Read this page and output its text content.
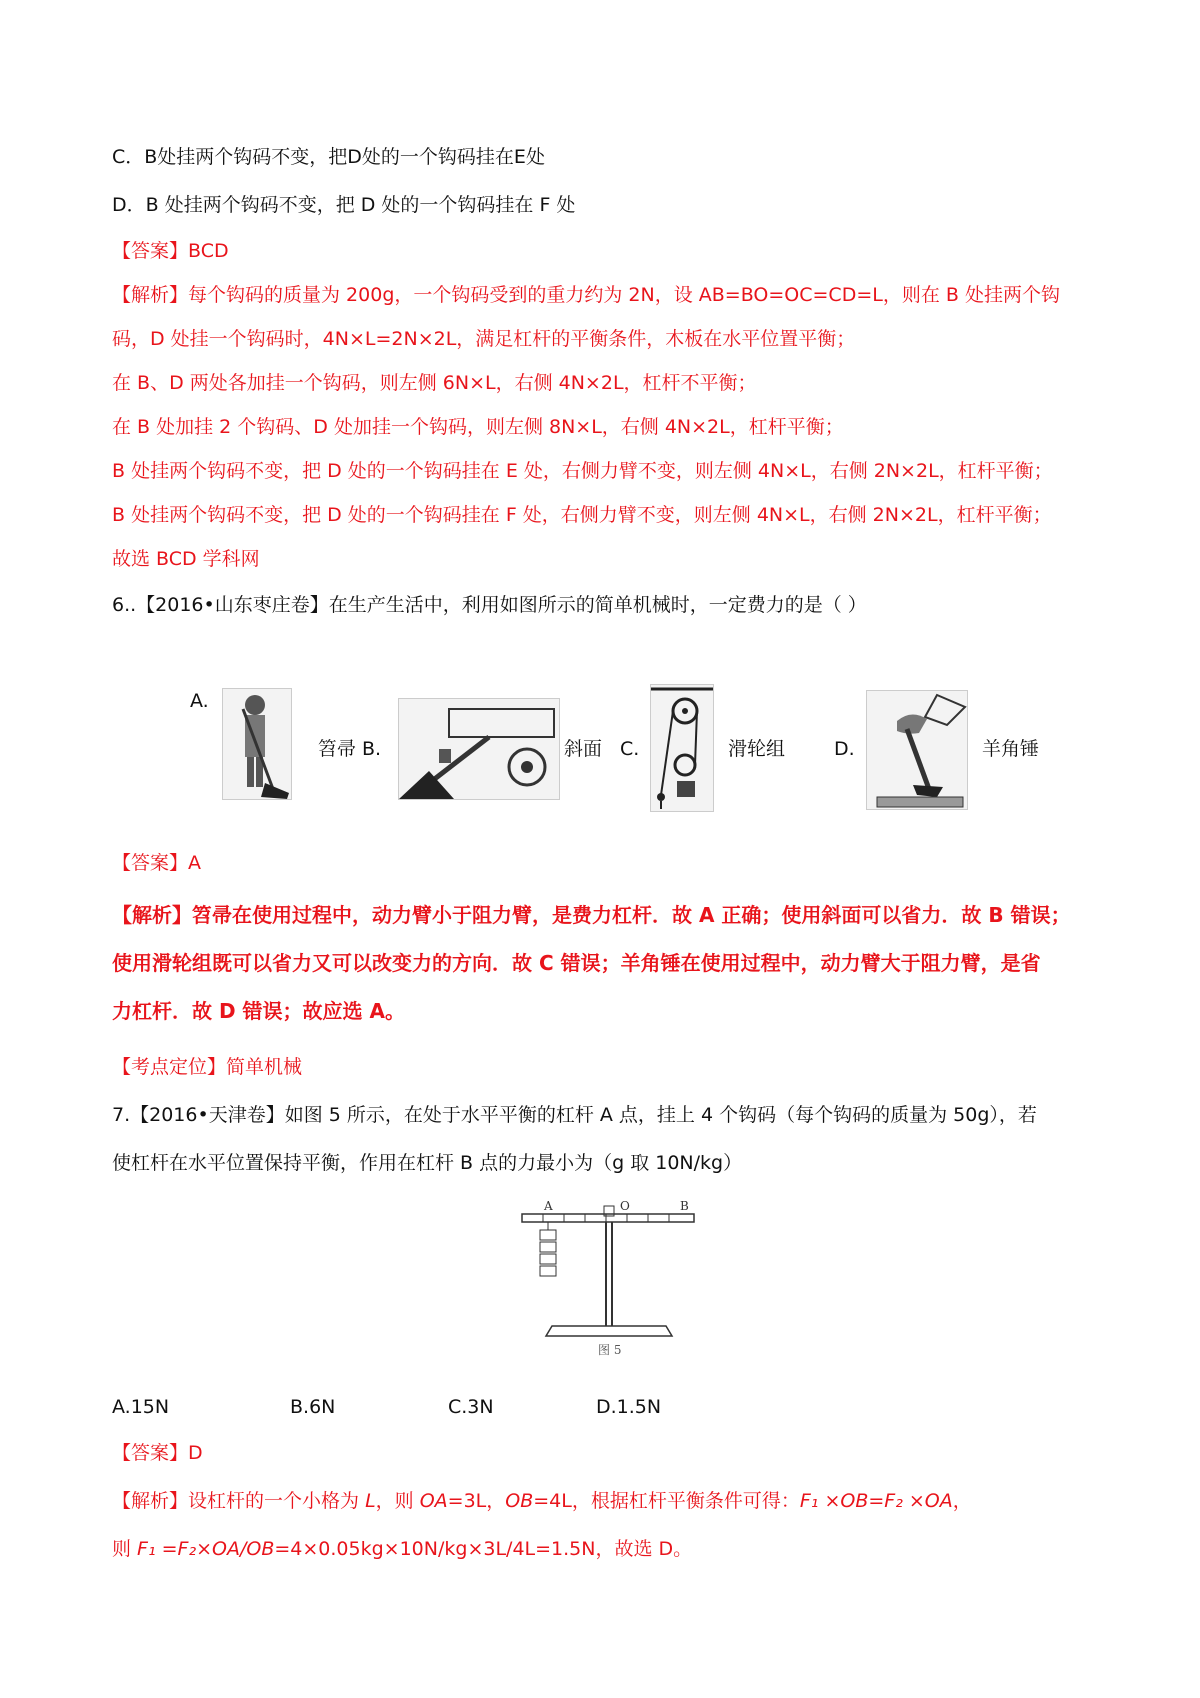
C．B处挂两个钩码不变，把D处的一个钩码挂在E处
D．B 处挂两个钩码不变，把 D 处的一个钩码挂在 F 处
【答案】BCD
【解析】每个钩码的质量为 200g，一个钩码受到的重力约为 2N，设 AB=BO=OC=CD=L，则在 B 处挂两个钩
码，D 处挂一个钩码时，4N×L=2N×2L，满足杠杆的平衡条件，木板在水平位置平衡；
在 B、D 两处各加挂一个钩码，则左侧 6N×L，右侧 4N×2L，杠杆不平衡；
在 B 处加挂 2 个钩码、D 处加挂一个钩码，则左侧 8N×L，右侧 4N×2L，杠杆平衡；
B 处挂两个钩码不变，把 D 处的一个钩码挂在 E 处，右侧力臂不变，则左侧 4N×L，右侧 2N×2L，杠杆平衡；
B 处挂两个钩码不变，把 D 处的一个钩码挂在 F 处，右侧力臂不变，则左侧 4N×L，右侧 2N×2L，杠杆平衡；
故选 BCD 学科网
6..【2016•山东枣庄卷】在生产生活中，利用如图所示的简单机械时，一定费力的是（ ）
A.
笤帚 B.	斜面 C.	滑轮组	D.	羊角锤
【答案】A
【解析】笤帚在使用过程中，动力臂小于阻力臂，是费力杠杆．故 A 正确；使用斜面可以省力．故 B 错误；
使用滑轮组既可以省力又可以改变力的方向．故 C 错误；羊角锤在使用过程中，动力臂大于阻力臂，是省
力杠杆．故 D 错误；故应选 A。
【考点定位】简单机械
7.【2016•天津卷】如图 5 所示，在处于水平平衡的杠杆 A 点，挂上 4 个钩码（每个钩码的质量为 50g），若
使杠杆在水平位置保持平衡，作用在杠杆 B 点的力最小为（g 取 10N/kg）
A	O	B
图 5
A.15N	B.6N	C.3N	D.1.5N
【答案】D
【解析】设杠杆的一个小格为 L，则 OA=3L，OB=4L，根据杠杆平衡条件可得：F₁ ×OB=F₂ ×OA，
则 F₁ =F₂×OA/OB=4×0.05kg×10N/kg×3L/4L=1.5N，故选 D。
